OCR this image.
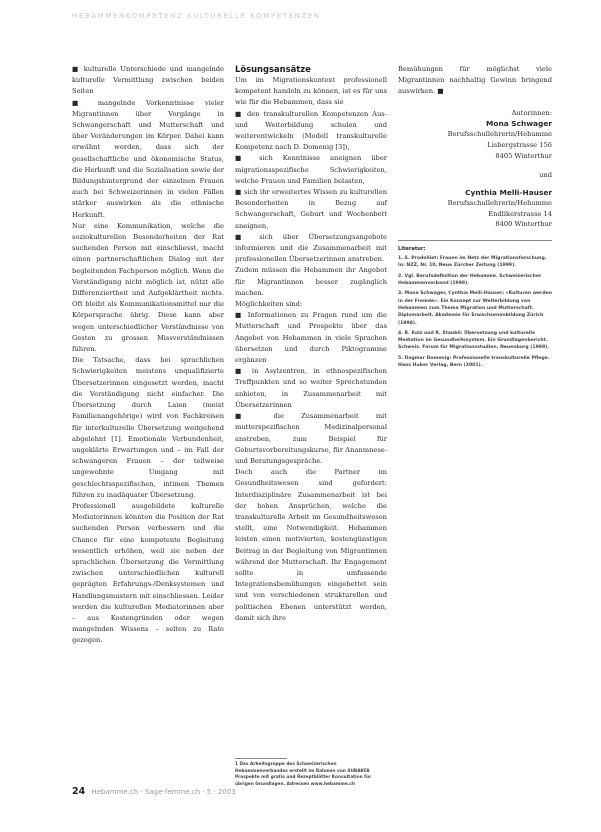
HEBAMMENKOMPETENZ KULTURELLE KOMPETENZEN

■ kulturelle Unterschiede und mangelnde kulturelle Vermittlung zwischen beiden Seiten

■ mangelnde Vorkenntnisse vieler Migrantinnen über Vorgänge in Schwangerschaft und Mutterschaft und über Veränderungen im Körper. Dabei kann erwähnt werden, dass sich der gesellschaftliche und ökonomische Status, die Herkunft und die Sozialisation sowie der Bildungshintergrund der einzelnen Frauen auch bei Schweizerinnen in vielen Fällen stärker auswirken als die ethnische Herkunft.

Nur eine Kommunikation, welche die soziokulturellen Besonderheiten der Rat suchenden Person mit einschliesst, macht einen partnerschaftlichen Dialog mit der begleitenden Fachperson möglich. Wenn die Verständigung nicht möglich ist, nützt alle Differenziertheit und Aufgeklärtheit nichts. Oft bleibt als Kommunikationsmittel nur die Körpersprache übrig. Diese kann aber wegen unterschiedlicher Verständnisse von Gesten zu grossen Missverständnissen führen.

Die Tatsache, dass bei sprachlichen Schwierigkeiten meistens unqualifizierte Übersetzerinnen eingesetzt werden, macht die Verständigung nicht einfacher. Die Übersetzung durch Laien (meist Familienangehörige) wird von Fachkreisen für interkulturelle Übersetzung weitgehend abgelehnt [1]. Emotionale Verbundenheit, ungeklärte Erwartungen und – im Fall der schwangeren Frauen – der teilweise ungewohnte Umgang mit geschlechtsspezifischen, intimen Themen führen zu inadäquater Übersetzung.

Professionell ausgebildete kulturelle Mediatorinnen könnten die Position der Rat suchenden Person verbessern und die Chance für eine kompetente Begleitung wesentlich erhöhen, weil sie neben der sprachlichen Übersetzung die Vermittlung zwischen unterschiedlichen kulturell geprägten Erfahrungs-/Denksystemen und Handlungsmustern mit einschliessen. Leider werden die kulturellen Mediatorinnen aber – aus Kostengründen oder wegen mangelnden Wissens – selten zu Rate gezogen.

Lösungsansätze

Um im Migrationskontext professionell kompetent handeln zu können, ist es für uns wie für die Hebammen, dass sie

■ den transkulturellen Kompetenzen Aus- und Weiterbildung schulen und weiterentwickeln (Modell transkulturelle Kompetenz nach D. Domenig [3]),

■ sich Kenntnisse aneignen über migrationsspezifische Schwierigkeiten, welche Frauen und Familien belasten,

■ sich ihr erweitertes Wissen zu kulturellen Besonderheiten in Bezug auf Schwangerschaft, Geburt und Wochenbett aneignen,

■ sich über Übersetzungsangebote informieren und die Zusammenarbeit mit professionellen Übersetzerinnen anstreben.

Zudem müssen die Hebammen ihr Angebot für Migrantinnen besser zugänglich machen.

Möglichkeiten sind:

■ Informationen zu Fragen rund um die Mutterschaft und Prospekte über das Angebot von Hebammen in viele Sprachen übersetzen und durch Piktogramme ergänzen

■ in Asylzentren, in ethnospezifischen Treffpunkten und so weiter Sprechstunden anbieten, in Zusammenarbeit mit Übersetzerinnen

■ die Zusammenarbeit mit mutterspezifischen Medizinalpersonal anstreben, zum Beispiel für Geburtsvorbereitungskurse, für Ananmnese- und Beratungsgespräche.

Doch auch die Partner im Gesundheitswesen sind gefordert: Interdisziplinäre Zusammenarbeit ist bei der hohen Ansprüchen, welche die transkulturelle Arbeit im Gesundheitswesen stellt, eine Notwendigkeit. Hebammen leisten einen motivierten, kostengünstigen Beitrag in der Begleitung von Migrantinnen während der Mutterschaft. Ihr Engagement sollte in umfassende Integrationsbemühungen eingebettet sein und von verschiedenen strukturellen und politischen Ebenen unterstützt werden, damit sich ihre

Bemühungen für möglichst viele Migrantinnen nachhaltig Gewinn bringend auswirken. ■

Autorinnen:

Mona Schwager

Berufsschullehrerin/Hebamme

Lisbergstrasse 156

8405 Winterthur

und

Cynthia Melli-Hauser

Berufsschullehrerin/Hebamme

Endlikerstrasse 14

8400 Winterthur

Literatur:

1. S. Prodolliet: Frauen im Netz der Migrationsforschung. In: NZZ, Nr. 10, Neue Zürcher Zeitung (1999).

2. Vgl. Berufsdefinition der Hebamme. Schweizerischer Hebammenverband (1998).

3. Mona Schwager, Cynthia Melli-Hauser: «Kulturen werden in der Fremde». Ein Konzept zur Weiterbildung von Hebammen zum Thema Migration und Mutterschaft. Diplomarbeit. Akademie für Erwachsenenbildung Zürich (1998).

4. R. Kolz und R. Staubli: Übersetzung und kulturelle Mediation im Gesundheitssystem. Ein Grundlagenbericht. Schweiz. Forum für Migrationsstudien, Neuenburg (1998).

5. Dagmar Domenig: Professionelle transkulturelle Pflege. Hans Huber Verlag, Bern (2001).

1 Das Arbeitsgruppe des Schweizerischen Hebammenverbandes erstellt im Rahmen von SUBAKFA Prospekte mit gratis und Rezeptblätter Konsultation für übrigen Grundlagen. Adressen www.hebamme.ch
24 Hebamme.ch · Sage-femme.ch · 5 · 2003
